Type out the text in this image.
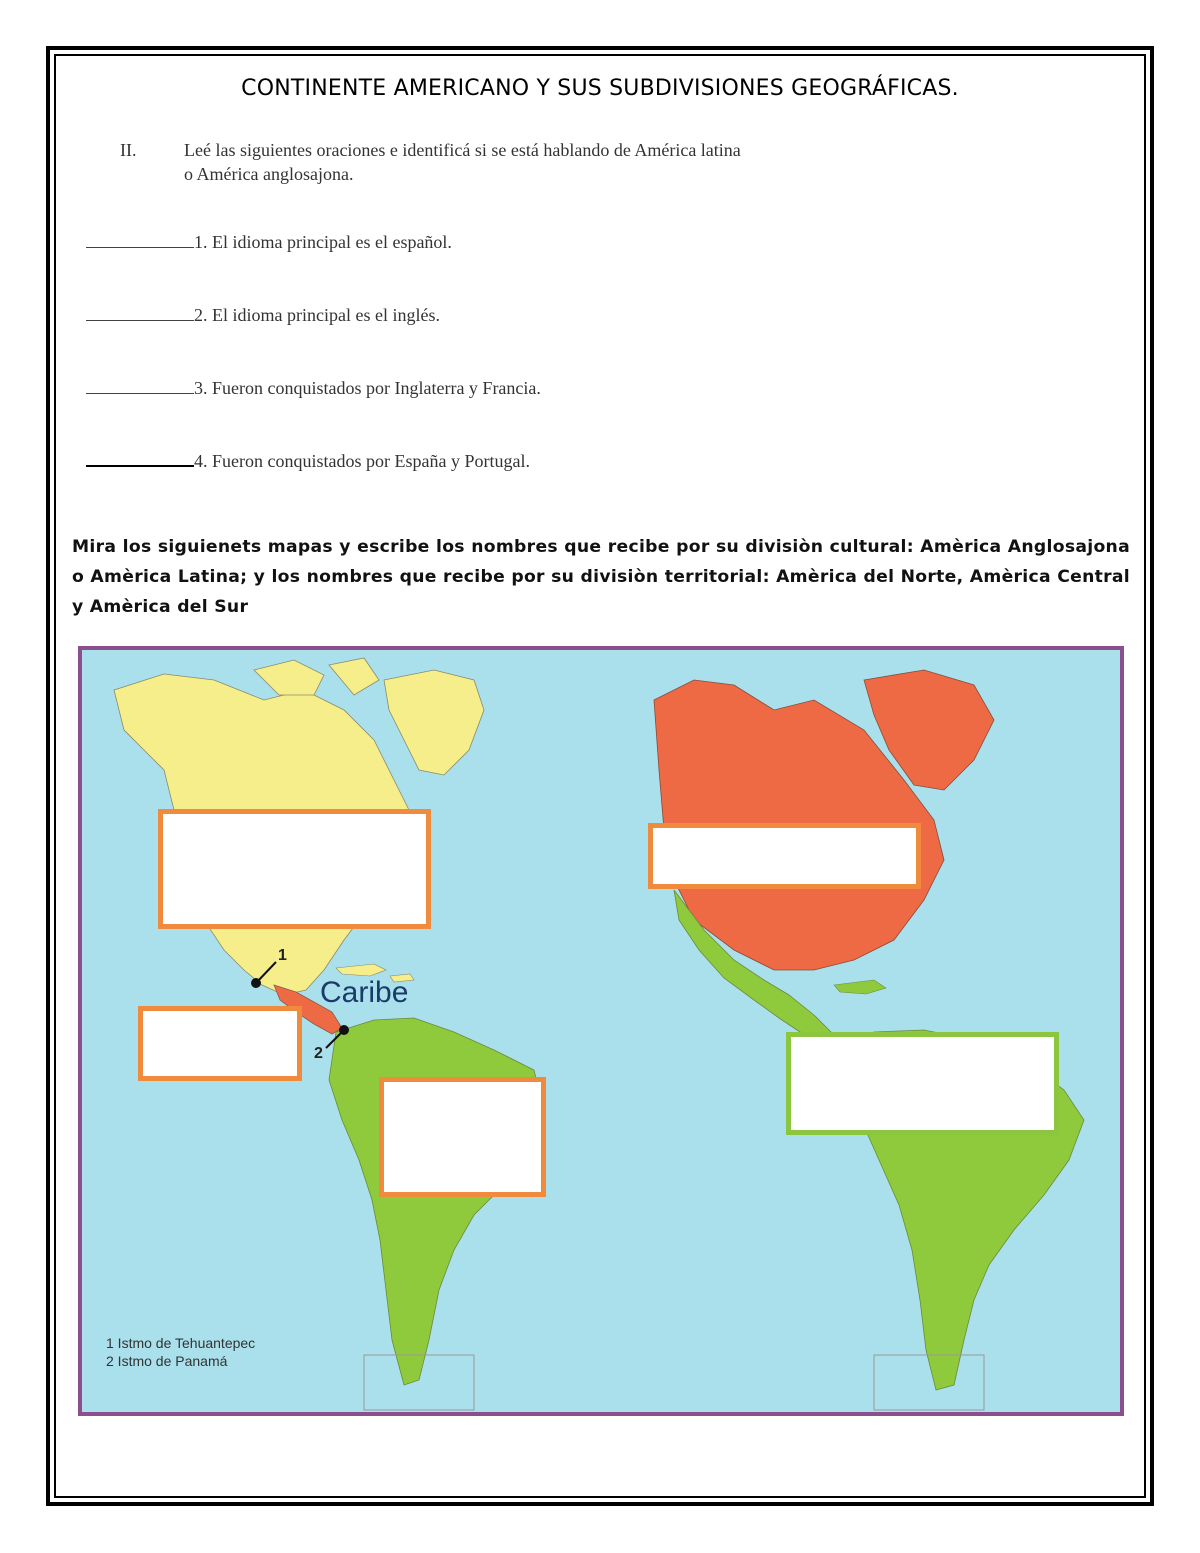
CONTINENTE AMERICANO Y SUS SUBDIVISIONES GEOGRÁFICAS.
II.	Leé las siguientes oraciones e identificá si se está hablando de América latina
o América anglosajona.
1. El idioma principal es el español.
2. El idioma principal es el inglés.
3. Fueron conquistados por Inglaterra y Francia.
4. Fueron conquistados por España y Portugal.
Mira los siguienets mapas y escribe los nombres que recibe por su divisiòn cultural: Amèrica Anglosajona o Amèrica Latina; y los nombres que recibe por su divisiòn territorial: Amèrica del Norte, Amèrica Central y Amèrica del Sur
Caribe
1
2
1 Istmo de Tehuantepec
2 Istmo de Panamá
